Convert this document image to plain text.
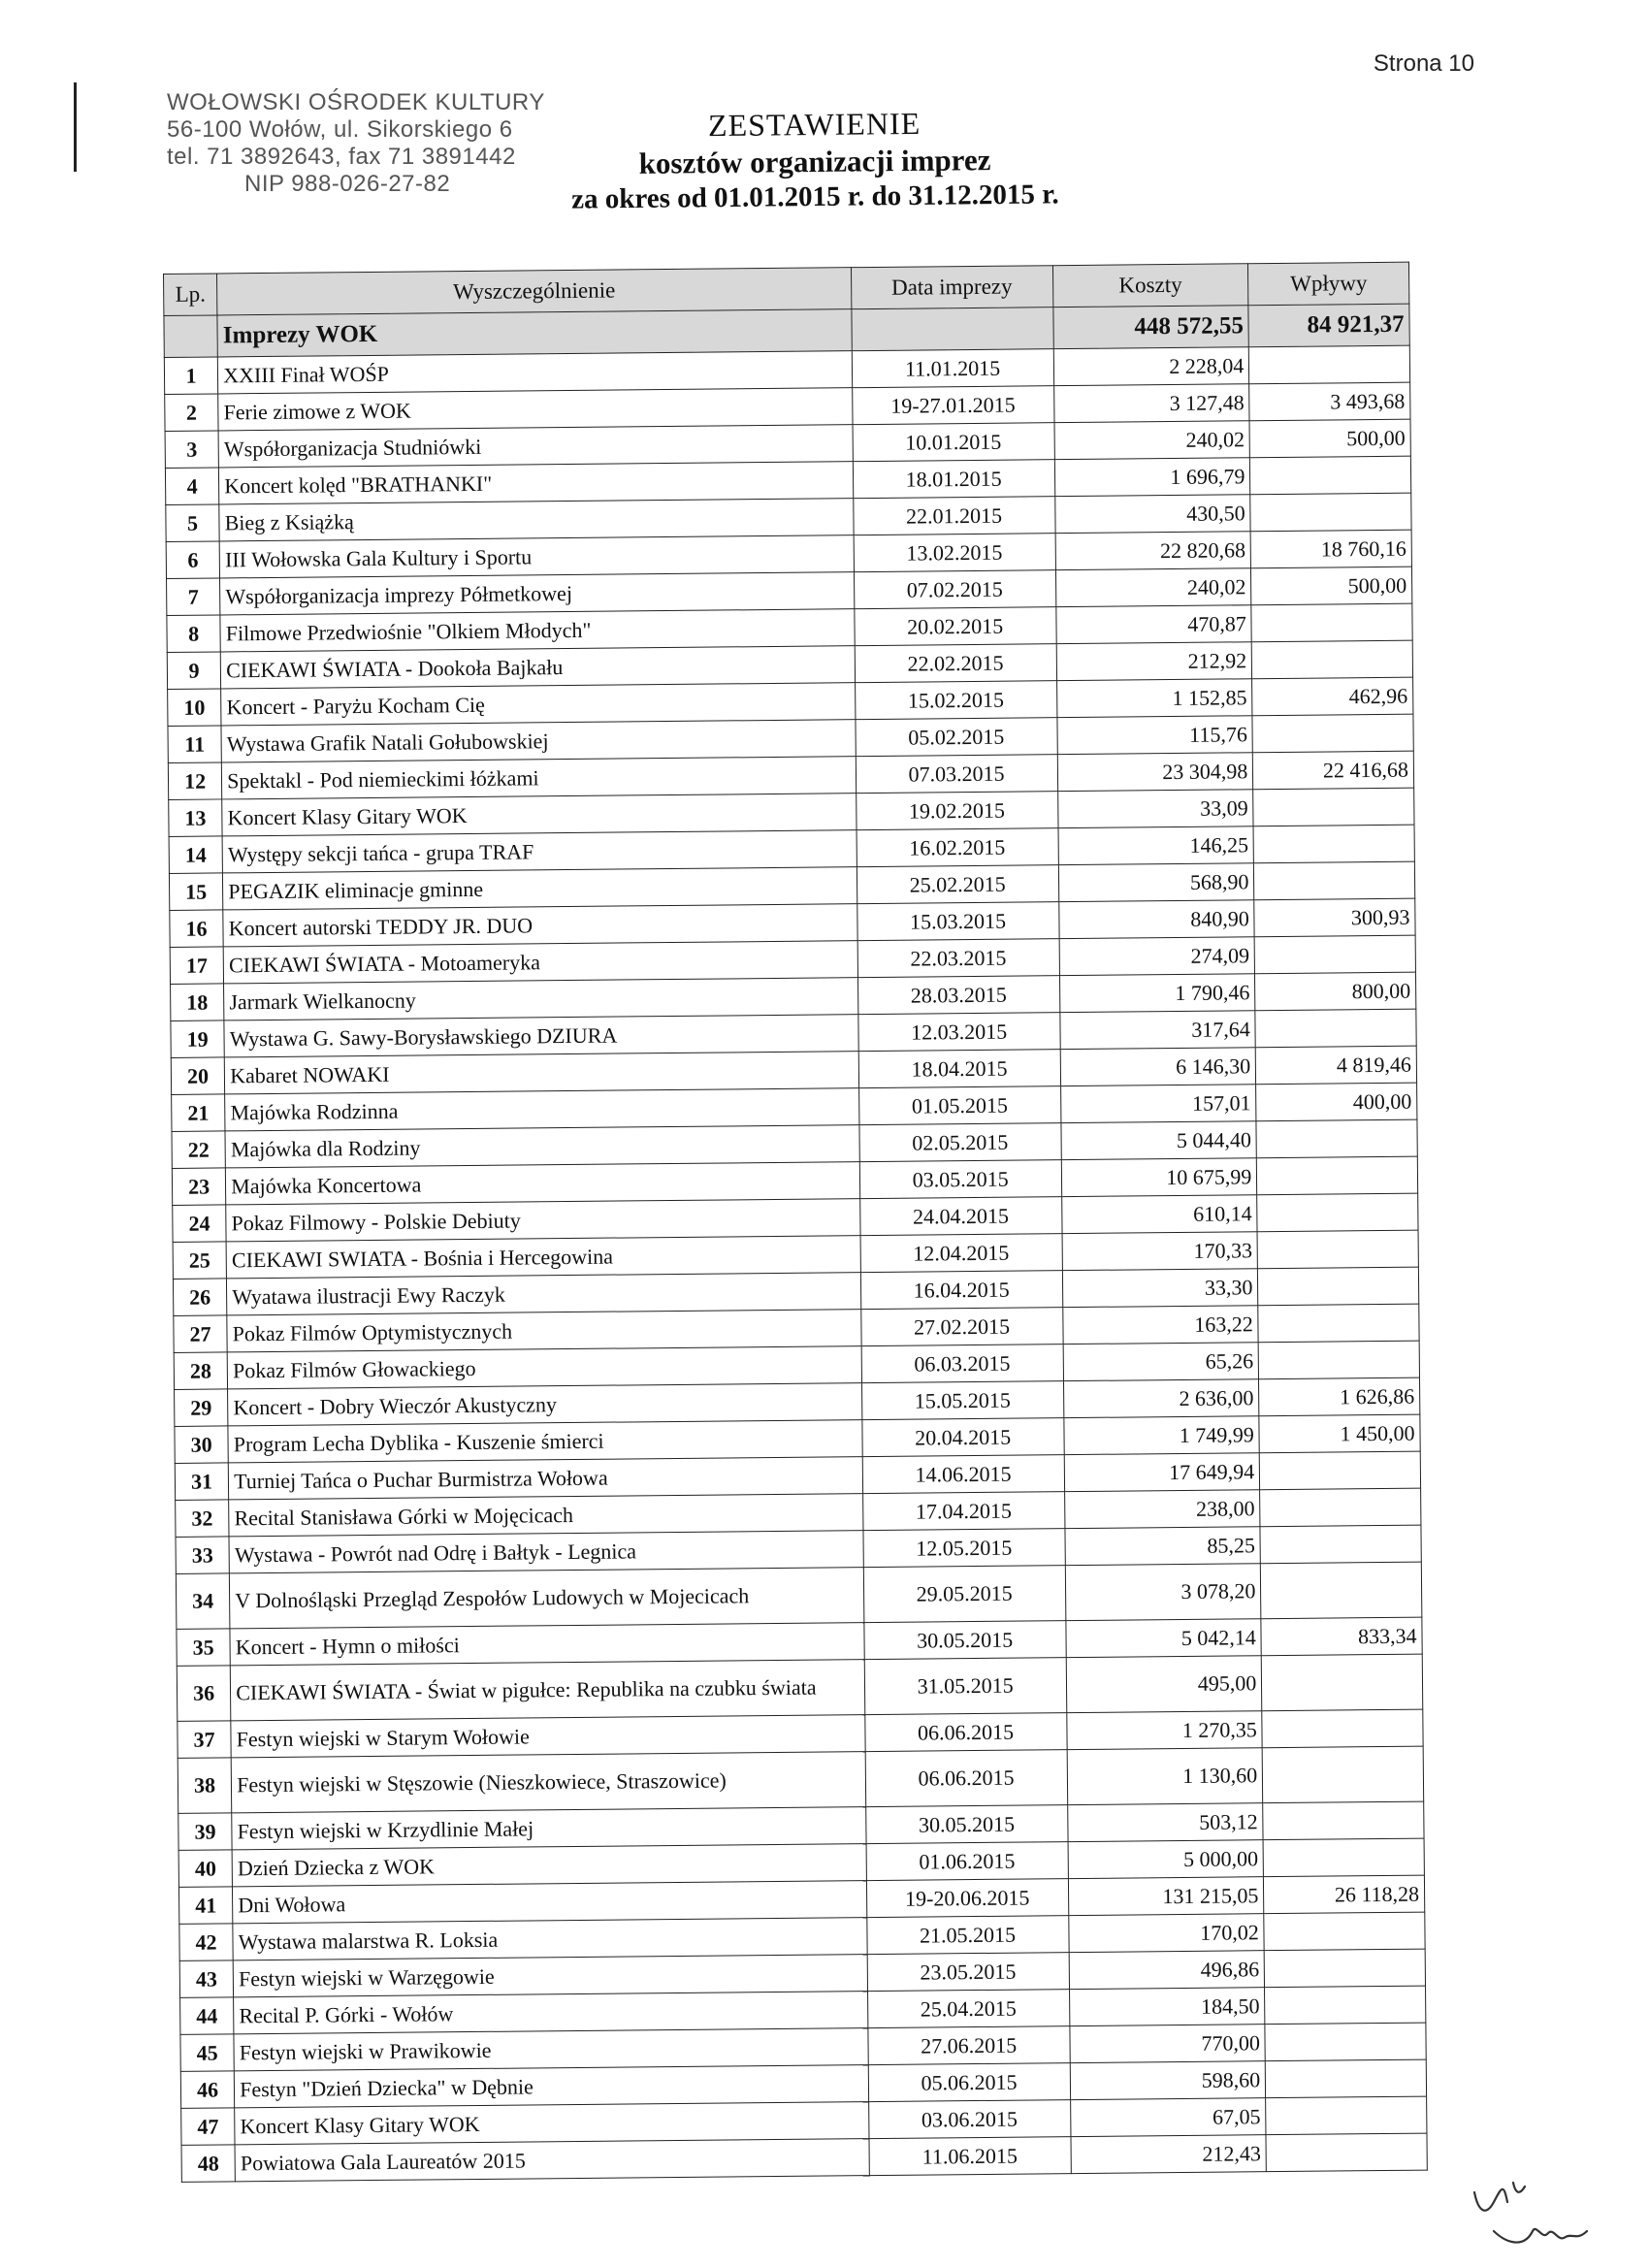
Strona 10
WOŁOWSKI OŚRODEK KULTURY
56-100 Wołów, ul. Sikorskiego 6
tel. 71 3892643, fax 71 3891442
NIP 988-026-27-82
ZESTAWIENIE
kosztów organizacji imprez
za okres od 01.01.2015 r. do 31.12.2015 r.
Lp.	Wyszczególnienie	Data imprezy	Koszty	Wpływy
	Imprezy WOK		448 572,55	84 921,37
1	XXIII Finał WOŚP	11.01.2015	2 228,04	
2	Ferie zimowe z WOK	19-27.01.2015	3 127,48	3 493,68
3	Współorganizacja Studniówki	10.01.2015	240,02	500,00
4	Koncert kolęd "BRATHANKI"	18.01.2015	1 696,79	
5	Bieg z Książką	22.01.2015	430,50	
6	III Wołowska Gala Kultury i Sportu	13.02.2015	22 820,68	18 760,16
7	Współorganizacja imprezy Półmetkowej	07.02.2015	240,02	500,00
8	Filmowe Przedwiośnie "Olkiem Młodych"	20.02.2015	470,87	
9	CIEKAWI ŚWIATA - Dookoła Bajkału	22.02.2015	212,92	
10	Koncert - Paryżu Kocham Cię	15.02.2015	1 152,85	462,96
11	Wystawa Grafik Natali Gołubowskiej	05.02.2015	115,76	
12	Spektakl - Pod niemieckimi łóżkami	07.03.2015	23 304,98	22 416,68
13	Koncert Klasy Gitary WOK	19.02.2015	33,09	
14	Występy sekcji tańca - grupa TRAF	16.02.2015	146,25	
15	PEGAZIK eliminacje gminne	25.02.2015	568,90	
16	Koncert autorski TEDDY JR. DUO	15.03.2015	840,90	300,93
17	CIEKAWI ŚWIATA - Motoameryka	22.03.2015	274,09	
18	Jarmark Wielkanocny	28.03.2015	1 790,46	800,00
19	Wystawa G. Sawy-Borysławskiego DZIURA	12.03.2015	317,64	
20	Kabaret NOWAKI	18.04.2015	6 146,30	4 819,46
21	Majówka Rodzinna	01.05.2015	157,01	400,00
22	Majówka dla Rodziny	02.05.2015	5 044,40	
23	Majówka Koncertowa	03.05.2015	10 675,99	
24	Pokaz Filmowy - Polskie Debiuty	24.04.2015	610,14	
25	CIEKAWI SWIATA - Bośnia i Hercegowina	12.04.2015	170,33	
26	Wyatawa ilustracji Ewy Raczyk	16.04.2015	33,30	
27	Pokaz Filmów Optymistycznych	27.02.2015	163,22	
28	Pokaz Filmów Głowackiego	06.03.2015	65,26	
29	Koncert - Dobry Wieczór Akustyczny	15.05.2015	2 636,00	1 626,86
30	Program Lecha Dyblika - Kuszenie śmierci	20.04.2015	1 749,99	1 450,00
31	Turniej Tańca o Puchar Burmistrza Wołowa	14.06.2015	17 649,94	
32	Recital Stanisława Górki w Mojęcicach	17.04.2015	238,00	
33	Wystawa - Powrót nad Odrę i Bałtyk - Legnica	12.05.2015	85,25	
34	V Dolnośląski Przegląd Zespołów Ludowych w Mojecicach	29.05.2015	3 078,20	
35	Koncert - Hymn o miłości	30.05.2015	5 042,14	833,34
36	CIEKAWI ŚWIATA - Świat w pigułce: Republika na czubku świata	31.05.2015	495,00	
37	Festyn wiejski w Starym Wołowie	06.06.2015	1 270,35	
38	Festyn wiejski w Stęszowie (Nieszkowiece, Straszowice)	06.06.2015	1 130,60	
39	Festyn wiejski w Krzydlinie Małej	30.05.2015	503,12	
40	Dzień Dziecka z WOK	01.06.2015	5 000,00	
41	Dni Wołowa	19-20.06.2015	131 215,05	26 118,28
42	Wystawa malarstwa R. Loksia	21.05.2015	170,02	
43	Festyn wiejski w Warzęgowie	23.05.2015	496,86	
44	Recital P. Górki - Wołów	25.04.2015	184,50	
45	Festyn wiejski w Prawikowie	27.06.2015	770,00	
46	Festyn "Dzień Dziecka" w Dębnie	05.06.2015	598,60	
47	Koncert Klasy Gitary WOK	03.06.2015	67,05	
48	Powiatowa Gala Laureatów 2015	11.06.2015	212,43	
